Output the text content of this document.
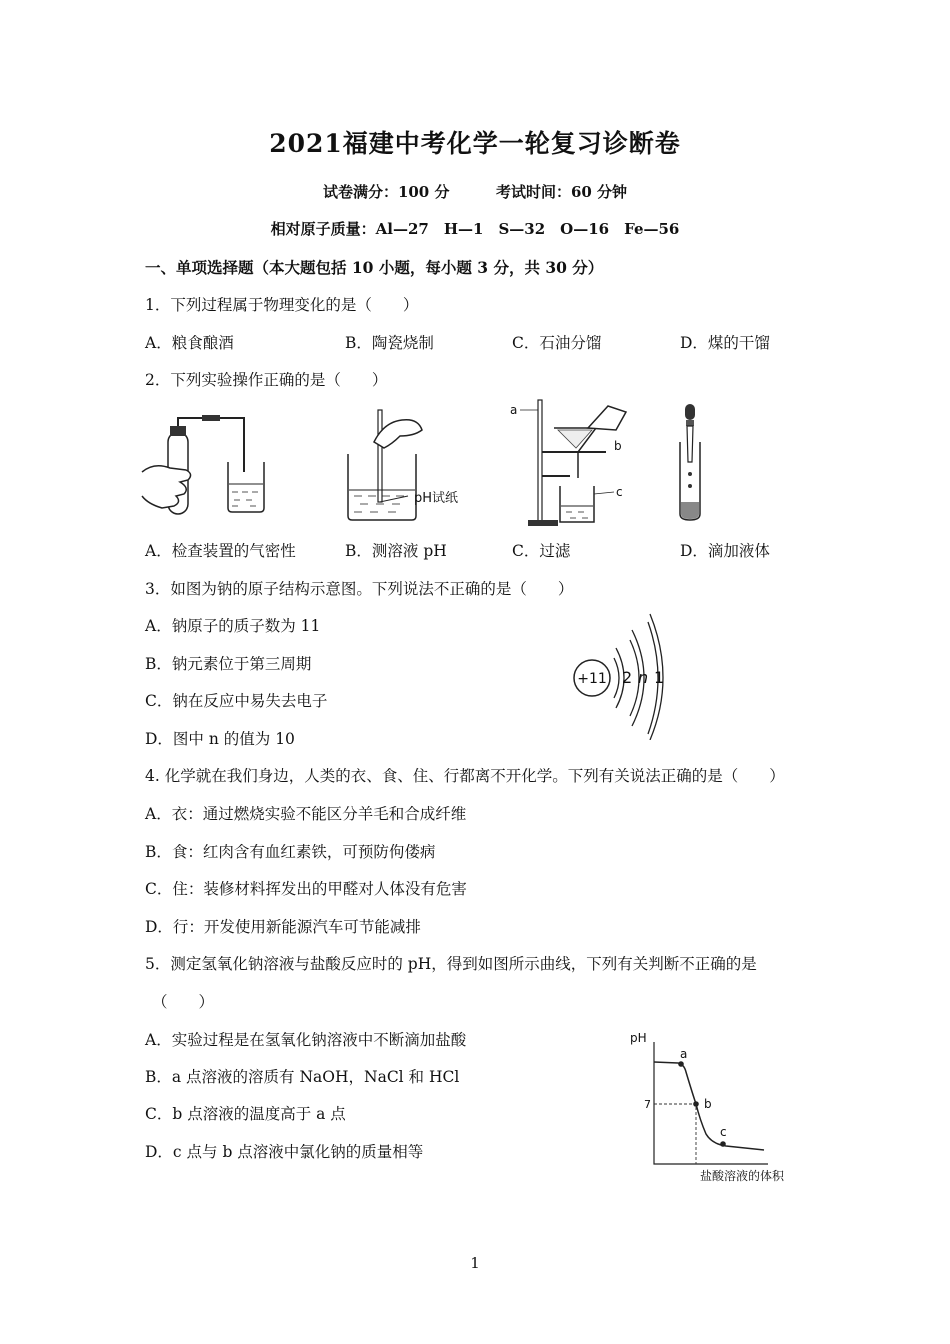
2021福建中考化学一轮复习诊断卷
试卷满分：100 分	考试时间：60 分钟
相对原子质量：Al—27　H—1　S—32　O—16　Fe—56
一、单项选择题（本大题包括 10 小题，每小题 3 分，共 30 分）
1．下列过程属于物理变化的是（　　）
A．粮食酿酒	B．陶瓷烧制	C．石油分馏	D．煤的干馏
2．下列实验操作正确的是（　　）
pH试纸
a
b
c
A．检查装置的气密性	B．测溶液 pH	C．过滤	D．滴加液体
3．如图为钠的原子结构示意图。下列说法不正确的是（　　）
A．钠原子的质子数为 11
B．钠元素位于第三周期
C．钠在反应中易失去电子
D．图中 n 的值为 10
+11 2 n 1
4. 化学就在我们身边，人类的衣、食、住、行都离不开化学。下列有关说法正确的是（　　）
A．衣：通过燃烧实验不能区分羊毛和合成纤维
B．食：红肉含有血红素铁，可预防佝偻病
C．住：装修材料挥发出的甲醛对人体没有危害
D．行：开发使用新能源汽车可节能减排
5．测定氢氧化钠溶液与盐酸反应时的 pH，得到如图所示曲线，下列有关判断不正确的是
（　　）
A．实验过程是在氢氧化钠溶液中不断滴加盐酸
B．a 点溶液的溶质有 NaOH，NaCl 和 HCl
C．b 点溶液的温度高于 a 点
D．c 点与 b 点溶液中氯化钠的质量相等
pH
7
a
b
c
盐酸溶液的体积
1
